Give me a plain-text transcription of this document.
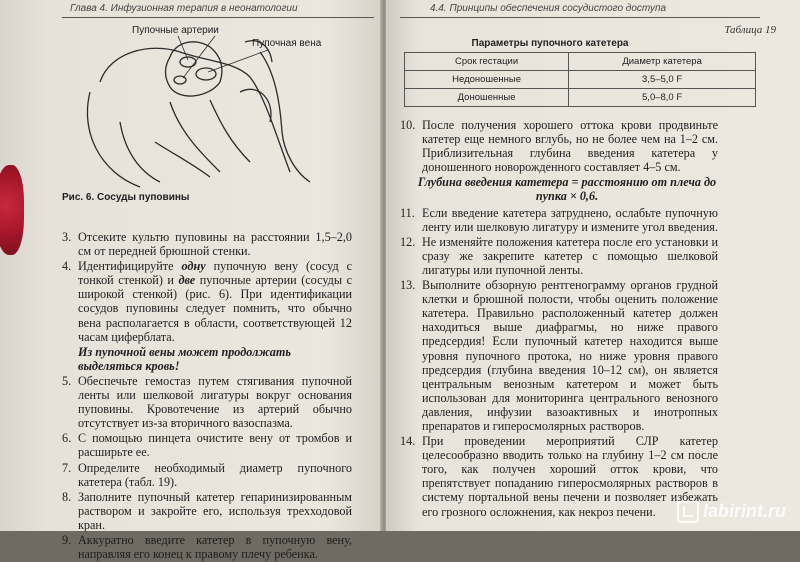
Глава 4. Инфузионная терапия в неонатологии
Пупочные артерии
Пупочная вена
Рис. 6. Сосуды пуповины
3. Отсеките культю пуповины на расстоянии 1,5–2,0 см от передней брюшной стенки.
4. Идентифицируйте одну пупочную вену (сосуд с тонкой стенкой) и две пупочные артерии (сосуды с широкой стенкой) (рис. 6). При идентификации сосудов пуповины следует помнить, что обычно вена располагается в области, соответствующей 12 часам циферблата.
Из пупочной вены может продолжать выделяться кровь!
5. Обеспечьте гемостаз путем стягивания пупочной ленты или шелковой лигатуры вокруг основания пуповины. Кровотечение из артерий обычно отсутствует из-за вторичного вазоспазма.
6. С помощью пинцета очистите вену от тромбов и расширьте ее.
7. Определите необходимый диаметр пупочного катетера (табл. 19).
8. Заполните пупочный катетер гепаринизированным раствором и закройте его, используя трехходовой кран.
9. Аккуратно введите катетер в пупочную вену, направляя его конец к правому плечу ребенка.
4.4. Принципы обеспечения сосудистого доступа
Таблица 19
Параметры пупочного катетера
Срок гестации	Диаметр катетера
Недоношенные	3,5–5,0 F
Доношенные	5,0–8,0 F
10. После получения хорошего оттока крови продвиньте катетер еще немного вглубь, но не более чем на 1–2 см. Приблизительная глубина введения катетера у доношенного новорожденного составляет 4–5 см.
Глубина введения катетера = расстоянию от плеча до пупка × 0,6.
11. Если введение катетера затруднено, ослабьте пупочную ленту или шелковую лигатуру и измените угол введения.
12. Не изменяйте положения катетера после его установки и сразу же закрепите катетер с помощью шелковой лигатуры или пупочной ленты.
13. Выполните обзорную рентгенограмму органов грудной клетки и брюшной полости, чтобы оценить положение катетера. Правильно расположенный катетер должен находиться выше диафрагмы, но ниже правого предсердия! Если пупочный катетер находится выше уровня пупочного протока, но ниже уровня правого предсердия (глубина введения 10–12 см), он является центральным венозным катетером и может быть использован для мониторинга центрального венозного давления, инфузии вазоактивных и инотропных препаратов и гиперосмолярных растворов.
14. При проведении мероприятий СЛР катетер целесообразно вводить только на глубину 1–2 см после того, как получен хороший отток крови, что препятствует попаданию гиперосмолярных растворов в систему портальной вены печени и позволяет избежать его грозного осложнения, как некроз печени.	labirint.ru
